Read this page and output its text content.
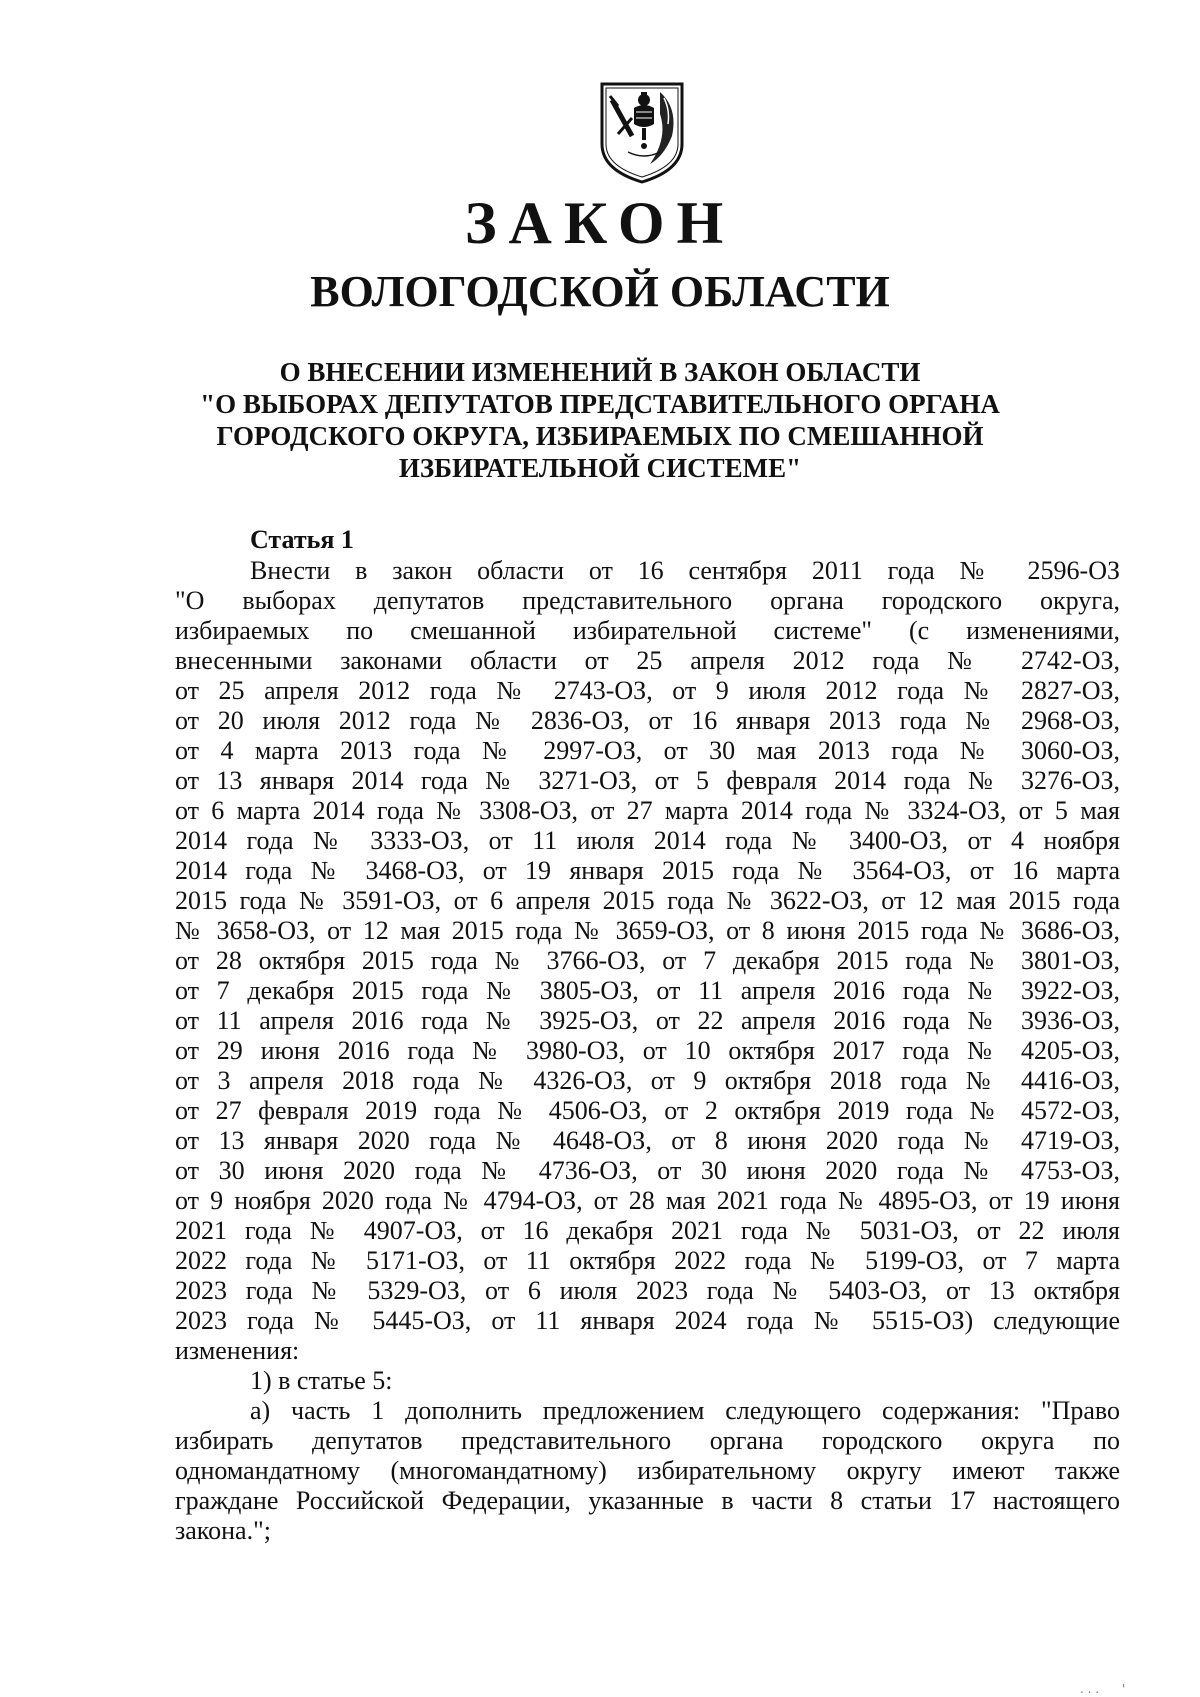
ЗАКОН
ВОЛОГОДСКОЙ ОБЛАСТИ
О ВНЕСЕНИИ ИЗМЕНЕНИЙ В ЗАКОН ОБЛАСТИ
"О ВЫБОРАХ ДЕПУТАТОВ ПРЕДСТАВИТЕЛЬНОГО ОРГАНА
ГОРОДСКОГО ОКРУГА, ИЗБИРАЕМЫХ ПО СМЕШАННОЙ
ИЗБИРАТЕЛЬНОЙ СИСТЕМЕ"
Статья 1
Внести в закон области от 16 сентября 2011 года № 2596-ОЗ
"О выборах депутатов представительного органа городского округа,
избираемых по смешанной избирательной системе" (с изменениями,
внесенными законами области от 25 апреля 2012 года № 2742-ОЗ,
от 25 апреля 2012 года № 2743-ОЗ, от 9 июля 2012 года № 2827-ОЗ,
от 20 июля 2012 года № 2836-ОЗ, от 16 января 2013 года № 2968-ОЗ,
от 4 марта 2013 года № 2997-ОЗ, от 30 мая 2013 года № 3060-ОЗ,
от 13 января 2014 года № 3271-ОЗ, от 5 февраля 2014 года № 3276-ОЗ,
от 6 марта 2014 года № 3308-ОЗ, от 27 марта 2014 года № 3324-ОЗ, от 5 мая
2014 года № 3333-ОЗ, от 11 июля 2014 года № 3400-ОЗ, от 4 ноября
2014 года № 3468-ОЗ, от 19 января 2015 года № 3564-ОЗ, от 16 марта
2015 года № 3591-ОЗ, от 6 апреля 2015 года № 3622-ОЗ, от 12 мая 2015 года
№ 3658-ОЗ, от 12 мая 2015 года № 3659-ОЗ, от 8 июня 2015 года № 3686-ОЗ,
от 28 октября 2015 года № 3766-ОЗ, от 7 декабря 2015 года № 3801-ОЗ,
от 7 декабря 2015 года № 3805-ОЗ, от 11 апреля 2016 года № 3922-ОЗ,
от 11 апреля 2016 года № 3925-ОЗ, от 22 апреля 2016 года № 3936-ОЗ,
от 29 июня 2016 года № 3980-ОЗ, от 10 октября 2017 года № 4205-ОЗ,
от 3 апреля 2018 года № 4326-ОЗ, от 9 октября 2018 года № 4416-ОЗ,
от 27 февраля 2019 года № 4506-ОЗ, от 2 октября 2019 года № 4572-ОЗ,
от 13 января 2020 года № 4648-ОЗ, от 8 июня 2020 года № 4719-ОЗ,
от 30 июня 2020 года № 4736-ОЗ, от 30 июня 2020 года № 4753-ОЗ,
от 9 ноября 2020 года № 4794-ОЗ, от 28 мая 2021 года № 4895-ОЗ, от 19 июня
2021 года № 4907-ОЗ, от 16 декабря 2021 года № 5031-ОЗ, от 22 июля
2022 года № 5171-ОЗ, от 11 октября 2022 года № 5199-ОЗ, от 7 марта
2023 года № 5329-ОЗ, от 6 июля 2023 года № 5403-ОЗ, от 13 октября
2023 года № 5445-ОЗ, от 11 января 2024 года № 5515-ОЗ) следующие
изменения:
1) в статье 5:
а) часть 1 дополнить предложением следующего содержания: "Право
избирать депутатов представительного органа городского округа по
одномандатному (многомандатному) избирательному округу имеют также
граждане Российской Федерации, указанные в части 8 статьи 17 настоящего
закона.";
. . .      '
